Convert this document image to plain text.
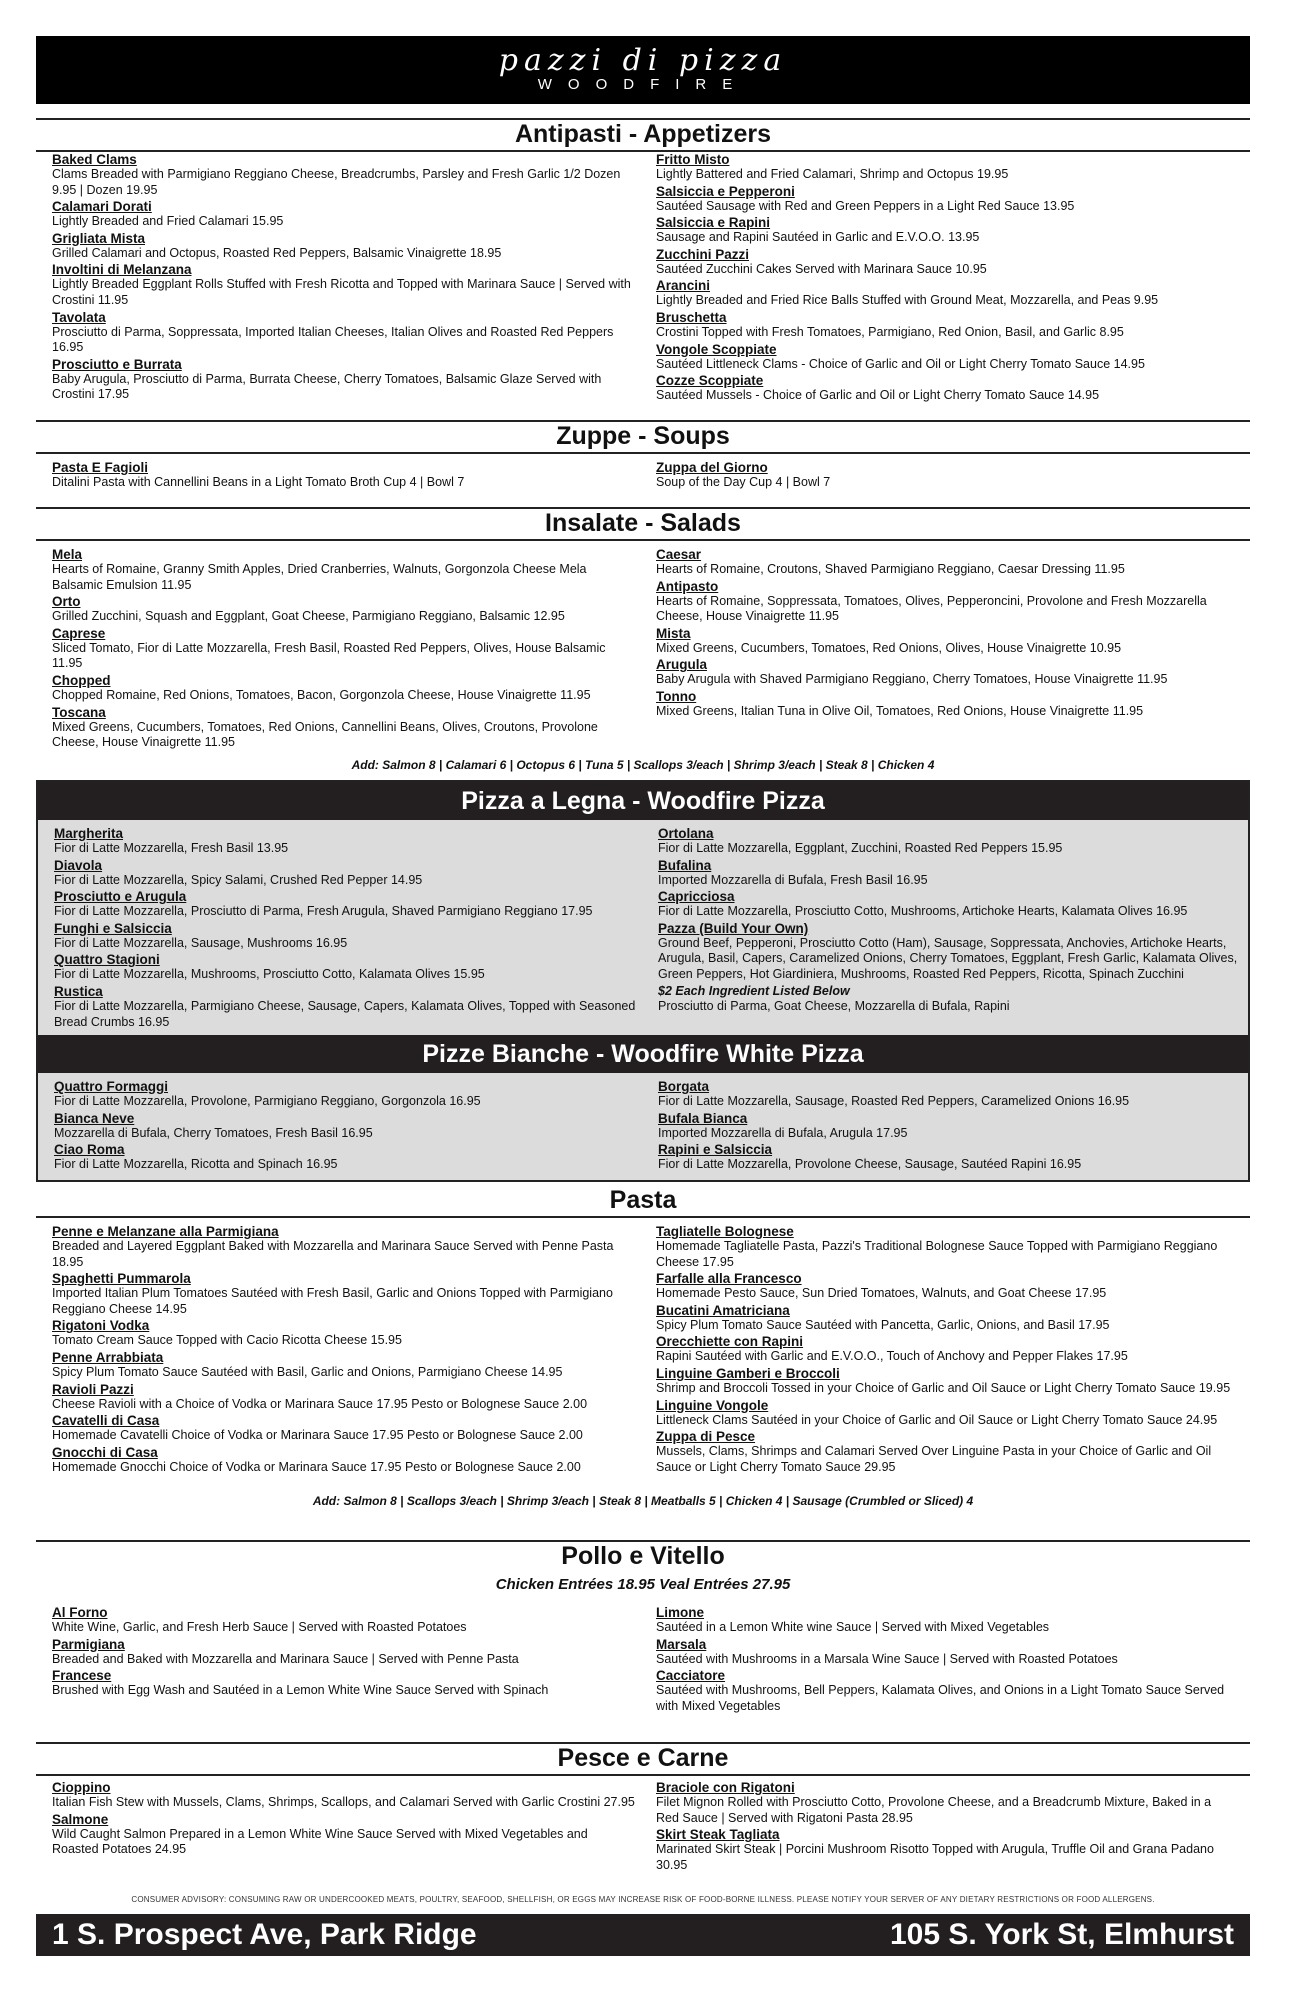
pazzi di pizza
WOODFIRE
Antipasti - Appetizers
Baked Clams
Clams Breaded with Parmigiano Reggiano Cheese, Breadcrumbs, Parsley and Fresh Garlic 1/2 Dozen 9.95 | Dozen 19.95
Calamari Dorati
Lightly Breaded and Fried Calamari 15.95
Grigliata Mista
Grilled Calamari and Octopus, Roasted Red Peppers, Balsamic Vinaigrette 18.95
Involtini di Melanzana
Lightly Breaded Eggplant Rolls Stuffed with Fresh Ricotta and Topped with Marinara Sauce | Served with Crostini 11.95
Tavolata
Prosciutto di Parma, Soppressata, Imported Italian Cheeses, Italian Olives and Roasted Red Peppers 16.95
Prosciutto e Burrata
Baby Arugula, Prosciutto di Parma, Burrata Cheese, Cherry Tomatoes, Balsamic Glaze Served with Crostini 17.95
Fritto Misto
Lightly Battered and Fried Calamari, Shrimp and Octopus 19.95
Salsiccia e Pepperoni
Sautéed Sausage with Red and Green Peppers in a Light Red Sauce 13.95
Salsiccia e Rapini
Sausage and Rapini Sautéed in Garlic and E.V.O.O. 13.95
Zucchini Pazzi
Sautéed Zucchini Cakes Served with Marinara Sauce 10.95
Arancini
Lightly Breaded and Fried Rice Balls Stuffed with Ground Meat, Mozzarella, and Peas 9.95
Bruschetta
Crostini Topped with Fresh Tomatoes, Parmigiano, Red Onion, Basil, and Garlic 8.95
Vongole Scoppiate
Sautéed Littleneck Clams - Choice of Garlic and Oil or Light Cherry Tomato Sauce 14.95
Cozze Scoppiate
Sautéed Mussels - Choice of Garlic and Oil or Light Cherry Tomato Sauce 14.95
Zuppe - Soups
Pasta E Fagioli
Ditalini Pasta with Cannellini Beans in a Light Tomato Broth Cup 4 | Bowl 7
Zuppa del Giorno
Soup of the Day Cup 4 | Bowl 7
Insalate - Salads
Mela
Hearts of Romaine, Granny Smith Apples, Dried Cranberries, Walnuts, Gorgonzola Cheese Mela Balsamic Emulsion 11.95
Orto
Grilled Zucchini, Squash and Eggplant, Goat Cheese, Parmigiano Reggiano, Balsamic 12.95
Caprese
Sliced Tomato, Fior di Latte Mozzarella, Fresh Basil, Roasted Red Peppers, Olives, House Balsamic 11.95
Chopped
Chopped Romaine, Red Onions, Tomatoes, Bacon, Gorgonzola Cheese, House Vinaigrette 11.95
Toscana
Mixed Greens, Cucumbers, Tomatoes, Red Onions, Cannellini Beans, Olives, Croutons, Provolone Cheese, House Vinaigrette 11.95
Caesar
Hearts of Romaine, Croutons, Shaved Parmigiano Reggiano, Caesar Dressing 11.95
Antipasto
Hearts of Romaine, Soppressata, Tomatoes, Olives, Pepperoncini, Provolone and Fresh Mozzarella Cheese, House Vinaigrette 11.95
Mista
Mixed Greens, Cucumbers, Tomatoes, Red Onions, Olives, House Vinaigrette 10.95
Arugula
Baby Arugula with Shaved Parmigiano Reggiano, Cherry Tomatoes, House Vinaigrette 11.95
Tonno
Mixed Greens, Italian Tuna in Olive Oil, Tomatoes, Red Onions, House Vinaigrette 11.95
Add: Salmon 8 | Calamari 6 | Octopus 6 | Tuna 5 | Scallops 3/each | Shrimp 3/each | Steak 8 | Chicken 4
Pizza a Legna - Woodfire Pizza
Margherita
Fior di Latte Mozzarella, Fresh Basil 13.95
Diavola
Fior di Latte Mozzarella, Spicy Salami, Crushed Red Pepper 14.95
Prosciutto e Arugula
Fior di Latte Mozzarella, Prosciutto di Parma, Fresh Arugula, Shaved Parmigiano Reggiano 17.95
Funghi e Salsiccia
Fior di Latte Mozzarella, Sausage, Mushrooms 16.95
Quattro Stagioni
Fior di Latte Mozzarella, Mushrooms, Prosciutto Cotto, Kalamata Olives 15.95
Rustica
Fior di Latte Mozzarella, Parmigiano Cheese, Sausage, Capers, Kalamata Olives, Topped with Seasoned Bread Crumbs 16.95
Ortolana
Fior di Latte Mozzarella, Eggplant, Zucchini, Roasted Red Peppers 15.95
Bufalina
Imported Mozzarella di Bufala, Fresh Basil 16.95
Capricciosa
Fior di Latte Mozzarella, Prosciutto Cotto, Mushrooms, Artichoke Hearts, Kalamata Olives 16.95
Pazza (Build Your Own)
Ground Beef, Pepperoni, Prosciutto Cotto (Ham), Sausage, Soppressata, Anchovies, Artichoke Hearts, Arugula, Basil, Capers, Caramelized Onions, Cherry Tomatoes, Eggplant, Fresh Garlic, Kalamata Olives, Green Peppers, Hot Giardiniera, Mushrooms, Roasted Red Peppers, Ricotta, Spinach Zucchini
$2 Each Ingredient Listed Below
Prosciutto di Parma, Goat Cheese, Mozzarella di Bufala, Rapini
Pizze Bianche - Woodfire White Pizza
Quattro Formaggi
Fior di Latte Mozzarella, Provolone, Parmigiano Reggiano, Gorgonzola 16.95
Bianca Neve
Mozzarella di Bufala, Cherry Tomatoes, Fresh Basil 16.95
Ciao Roma
Fior di Latte Mozzarella, Ricotta and Spinach 16.95
Borgata
Fior di Latte Mozzarella, Sausage, Roasted Red Peppers, Caramelized Onions 16.95
Bufala Bianca
Imported Mozzarella di Bufala, Arugula 17.95
Rapini e Salsiccia
Fior di Latte Mozzarella, Provolone Cheese, Sausage, Sautéed Rapini 16.95
Pasta
Penne e Melanzane alla Parmigiana
Breaded and Layered Eggplant Baked with Mozzarella and Marinara Sauce Served with Penne Pasta 18.95
Spaghetti Pummarola
Imported Italian Plum Tomatoes Sautéed with Fresh Basil, Garlic and Onions Topped with Parmigiano Reggiano Cheese 14.95
Rigatoni Vodka
Tomato Cream Sauce Topped with Cacio Ricotta Cheese 15.95
Penne Arrabbiata
Spicy Plum Tomato Sauce Sautéed with Basil, Garlic and Onions, Parmigiano Cheese 14.95
Ravioli Pazzi
Cheese Ravioli with a Choice of Vodka or Marinara Sauce 17.95 Pesto or Bolognese Sauce 2.00
Cavatelli di Casa
Homemade Cavatelli Choice of Vodka or Marinara Sauce 17.95 Pesto or Bolognese Sauce 2.00
Gnocchi di Casa
Homemade Gnocchi Choice of Vodka or Marinara Sauce 17.95 Pesto or Bolognese Sauce 2.00
Tagliatelle Bolognese
Homemade Tagliatelle Pasta, Pazzi's Traditional Bolognese Sauce Topped with Parmigiano Reggiano Cheese 17.95
Farfalle alla Francesco
Homemade Pesto Sauce, Sun Dried Tomatoes, Walnuts, and Goat Cheese 17.95
Bucatini Amatriciana
Spicy Plum Tomato Sauce Sautéed with Pancetta, Garlic, Onions, and Basil 17.95
Orecchiette con Rapini
Rapini Sautéed with Garlic and E.V.O.O., Touch of Anchovy and Pepper Flakes 17.95
Linguine Gamberi e Broccoli
Shrimp and Broccoli Tossed in your Choice of Garlic and Oil Sauce or Light Cherry Tomato Sauce 19.95
Linguine Vongole
Littleneck Clams Sautéed in your Choice of Garlic and Oil Sauce or Light Cherry Tomato Sauce 24.95
Zuppa di Pesce
Mussels, Clams, Shrimps and Calamari Served Over Linguine Pasta in your Choice of Garlic and Oil Sauce or Light Cherry Tomato Sauce 29.95
Add: Salmon 8 | Scallops 3/each | Shrimp 3/each | Steak 8 | Meatballs 5 | Chicken 4 | Sausage (Crumbled or Sliced) 4
Pollo e Vitello
Chicken Entrées 18.95 Veal Entrées 27.95
Al Forno
White Wine, Garlic, and Fresh Herb Sauce | Served with Roasted Potatoes
Parmigiana
Breaded and Baked with Mozzarella and Marinara Sauce | Served with Penne Pasta
Francese
Brushed with Egg Wash and Sautéed in a Lemon White Wine Sauce Served with Spinach
Limone
Sautéed in a Lemon White wine Sauce | Served with Mixed Vegetables
Marsala
Sautéed with Mushrooms in a Marsala Wine Sauce | Served with Roasted Potatoes
Cacciatore
Sautéed with Mushrooms, Bell Peppers, Kalamata Olives, and Onions in a Light Tomato Sauce Served with Mixed Vegetables
Pesce e Carne
Cioppino
Italian Fish Stew with Mussels, Clams, Shrimps, Scallops, and Calamari Served with Garlic Crostini 27.95
Salmone
Wild Caught Salmon Prepared in a Lemon White Wine Sauce Served with Mixed Vegetables and Roasted Potatoes 24.95
Braciole con Rigatoni
Filet Mignon Rolled with Prosciutto Cotto, Provolone Cheese, and a Breadcrumb Mixture, Baked in a Red Sauce | Served with Rigatoni Pasta 28.95
Skirt Steak Tagliata
Marinated Skirt Steak | Porcini Mushroom Risotto Topped with Arugula, Truffle Oil and Grana Padano 30.95
CONSUMER ADVISORY: CONSUMING RAW OR UNDERCOOKED MEATS, POULTRY, SEAFOOD, SHELLFISH, OR EGGS MAY INCREASE RISK OF FOOD-BORNE ILLNESS. PLEASE NOTIFY YOUR SERVER OF ANY DIETARY RESTRICTIONS OR FOOD ALLERGENS.
1 S. Prospect Ave, Park Ridge	105 S. York St, Elmhurst
